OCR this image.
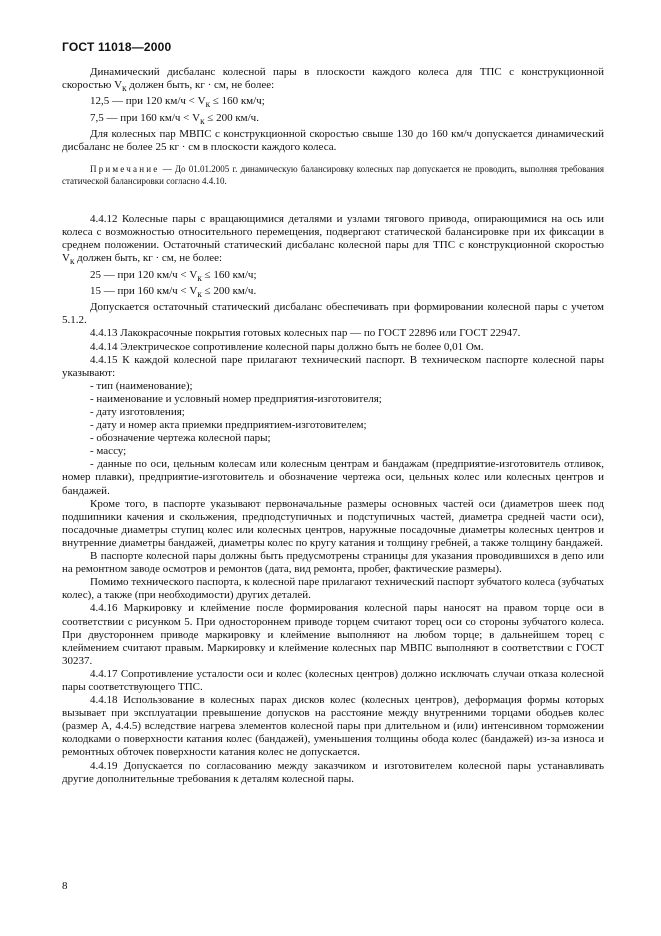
ГОСТ 11018—2000

Динамический дисбаланс колесной пары в плоскости каждого колеса для ТПС с конструкционной скоростью $V_к$ должен быть, кг · см, не более:

12,5 — при 120 $км/ч < V_к \le 160$ км/ч;

7,5 — при 160 $км/ч < V_к \le 200$ км/ч.

Для колесных пар МВПС с конструкционной скоростью свыше 130 до 160 км/ч допускается динамический дисбаланс не более 25 кг · см в плоскости каждого колеса.

Примечание — До 01.01.2005 г. динамическую балансировку колесных пар допускается не проводить, выполняя требования статической балансировки согласно 4.4.10.

4.4.12 Колесные пары с вращающимися деталями и узлами тягового привода, опирающимися на ось или колеса с возможностью относительного перемещения, подвергают статической балансировке при их фиксации в среднем положении. Остаточный статический дисбаланс колесной пары для ТПС с конструкционной скоростью $V_к$ должен быть, кг · см, не более:

25 — при 120 $км/ч < V_к \le 160$ км/ч;

15 — при 160 $км/ч < V_к \le 200$ км/ч.

Допускается остаточный статический дисбаланс обеспечивать при формировании колесной пары с учетом 5.1.2.

4.4.13 Лакокрасочные покрытия готовых колесных пар — по ГОСТ 22896 или ГОСТ 22947.

4.4.14 Электрическое сопротивление колесной пары должно быть не более 0,01 Ом.

4.4.15 К каждой колесной паре прилагают технический паспорт. В техническом паспорте колесной пары указывают:

- тип (наименование);

- наименование и условный номер предприятия-изготовителя;

- дату изготовления;

- дату и номер акта приемки предприятием-изготовителем;

- обозначение чертежа колесной пары;

- массу;

- данные по оси, цельным колесам или колесным центрам и бандажам (предприятие-изготовитель отливок, номер плавки), предприятие-изготовитель и обозначение чертежа оси, цельных колес или колесных центров и бандажей.

Кроме того, в паспорте указывают первоначальные размеры основных частей оси (диаметров шеек под подшипники качения и скольжения, предподступичных и подступичных частей, диаметра средней части оси), посадочные диаметры ступиц колес или колесных центров, наружные посадочные диаметры колесных центров и внутренние диаметры бандажей, диаметры колес по кругу катания и толщину гребней, а также толщину бандажей.

В паспорте колесной пары должны быть предусмотрены страницы для указания проводившихся в депо или на ремонтном заводе осмотров и ремонтов (дата, вид ремонта, пробег, фактические размеры).

Помимо технического паспорта, к колесной паре прилагают технический паспорт зубчатого колеса (зубчатых колес), а также (при необходимости) других деталей.

4.4.16 Маркировку и клеймение после формирования колесной пары наносят на правом торце оси в соответствии с рисунком 5. При одностороннем приводе торцем считают торец оси со стороны зубчатого колеса. При двустороннем приводе маркировку и клеймение выполняют на любом торце; в дальнейшем торец с клеймением считают правым. Маркировку и клеймение колесных пар МВПС выполняют в соответствии с ГОСТ 30237.

4.4.17 Сопротивление усталости оси и колес (колесных центров) должно исключать случаи отказа колесной пары соответствующего ТПС.

4.4.18 Использование в колесных парах дисков колес (колесных центров), деформация формы которых вызывает при эксплуатации превышение допусков на расстояние между внутренними торцами ободьев колес (размер A, 4.4.5) вследствие нагрева элементов колесной пары при длительном и (или) интенсивном торможении колодками о поверхности катания колес (бандажей), уменьшения толщины обода колес (бандажей) из-за износа и ремонтных обточек поверхности катания колес не допускается.

4.4.19 Допускается по согласованию между заказчиком и изготовителем колесной пары устанавливать другие дополнительные требования к деталям колесной пары.

8
